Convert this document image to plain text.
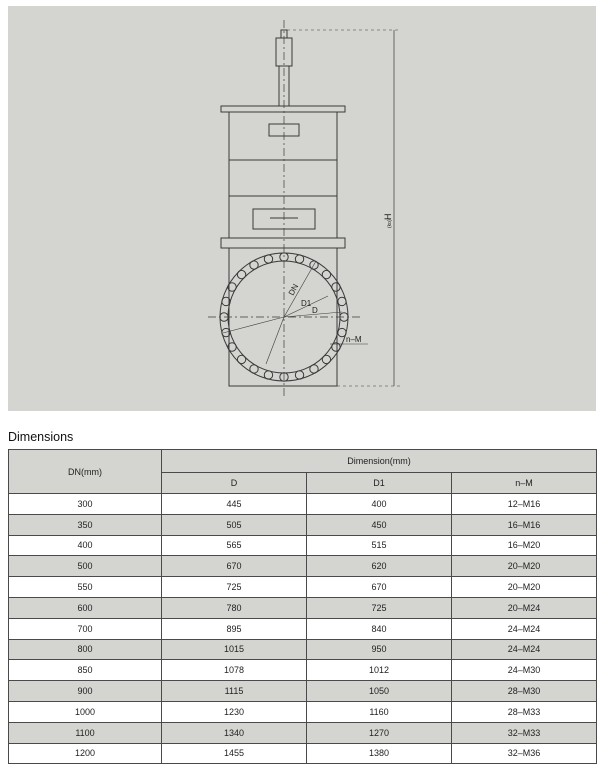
DN
D1
D
n–M
H
(ko)
Dimensions
DN(mm)	Dimension(mm)		
	D	D1	n–M
300	445	400	12–M16
350	505	450	16–M16
400	565	515	16–M20
500	670	620	20–M20
550	725	670	20–M20
600	780	725	20–M24
700	895	840	24–M24
800	1015	950	24–M24
850	1078	1012	24–M30
900	1115	1050	28–M30
1000	1230	1160	28–M33
1100	1340	1270	32–M33
1200	1455	1380	32–M36
